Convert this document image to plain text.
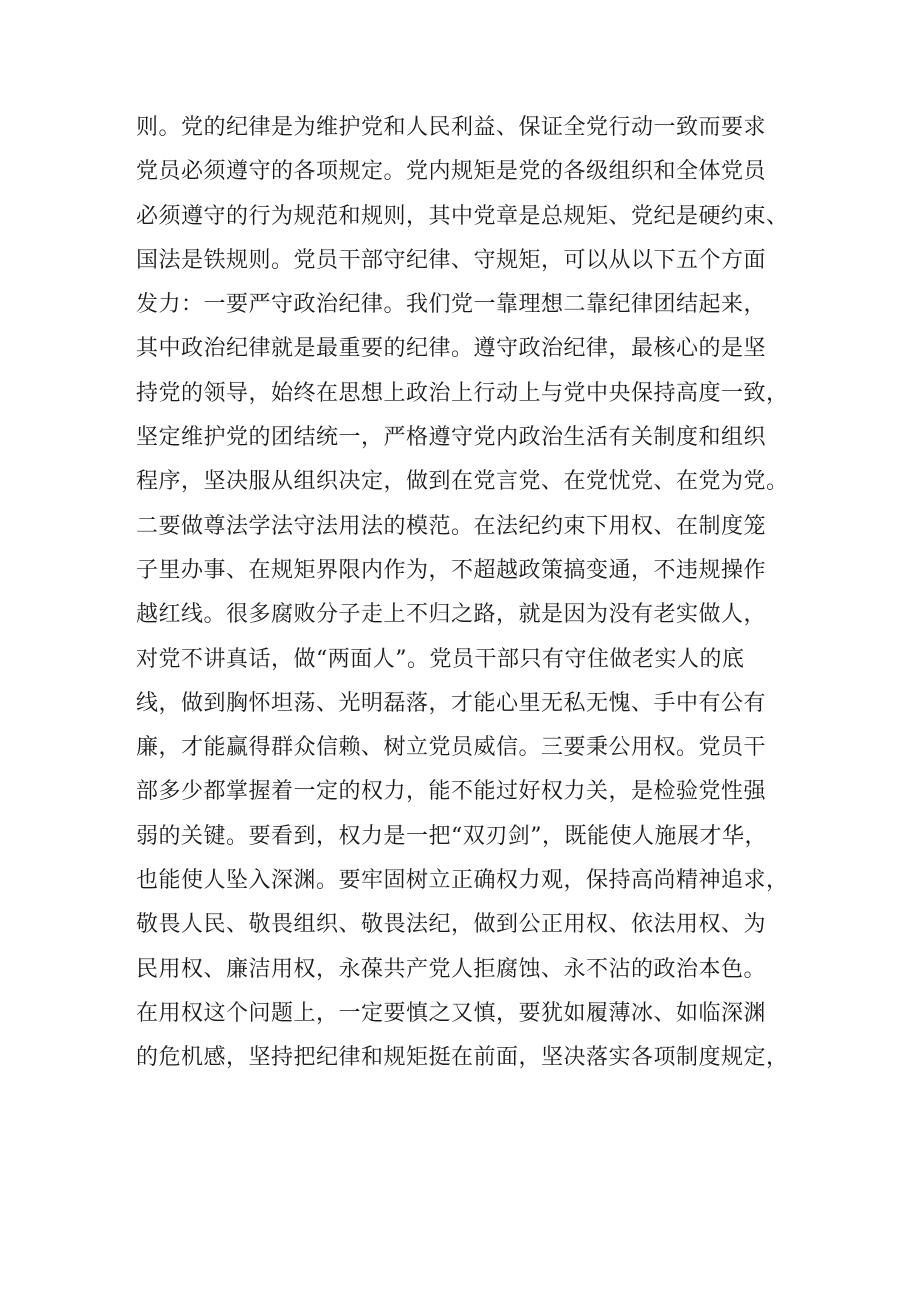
则。党的纪律是为维护党和人民利益、保证全党行动一致而要求
党员必须遵守的各项规定。党内规矩是党的各级组织和全体党员
必须遵守的行为规范和规则，其中党章是总规矩、党纪是硬约束、
国法是铁规则。党员干部守纪律、守规矩，可以从以下五个方面
发力：一要严守政治纪律。我们党一靠理想二靠纪律团结起来，
其中政治纪律就是最重要的纪律。遵守政治纪律，最核心的是坚
持党的领导，始终在思想上政治上行动上与党中央保持高度一致，
坚定维护党的团结统一，严格遵守党内政治生活有关制度和组织
程序，坚决服从组织决定，做到在党言党、在党忧党、在党为党。
二要做尊法学法守法用法的模范。在法纪约束下用权、在制度笼
子里办事、在规矩界限内作为，不超越政策搞变通，不违规操作
越红线。很多腐败分子走上不归之路，就是因为没有老实做人，
对党不讲真话，做“两面人”。党员干部只有守住做老实人的底
线，做到胸怀坦荡、光明磊落，才能心里无私无愧、手中有公有
廉，才能赢得群众信赖、树立党员威信。三要秉公用权。党员干
部多少都掌握着一定的权力，能不能过好权力关，是检验党性强
弱的关键。要看到，权力是一把“双刃剑”，既能使人施展才华，
也能使人坠入深渊。要牢固树立正确权力观，保持高尚精神追求，
敬畏人民、敬畏组织、敬畏法纪，做到公正用权、依法用权、为
民用权、廉洁用权，永葆共产党人拒腐蚀、永不沾的政治本色。
在用权这个问题上，一定要慎之又慎，要犹如履薄冰、如临深渊
的危机感，坚持把纪律和规矩挺在前面，坚决落实各项制度规定，
